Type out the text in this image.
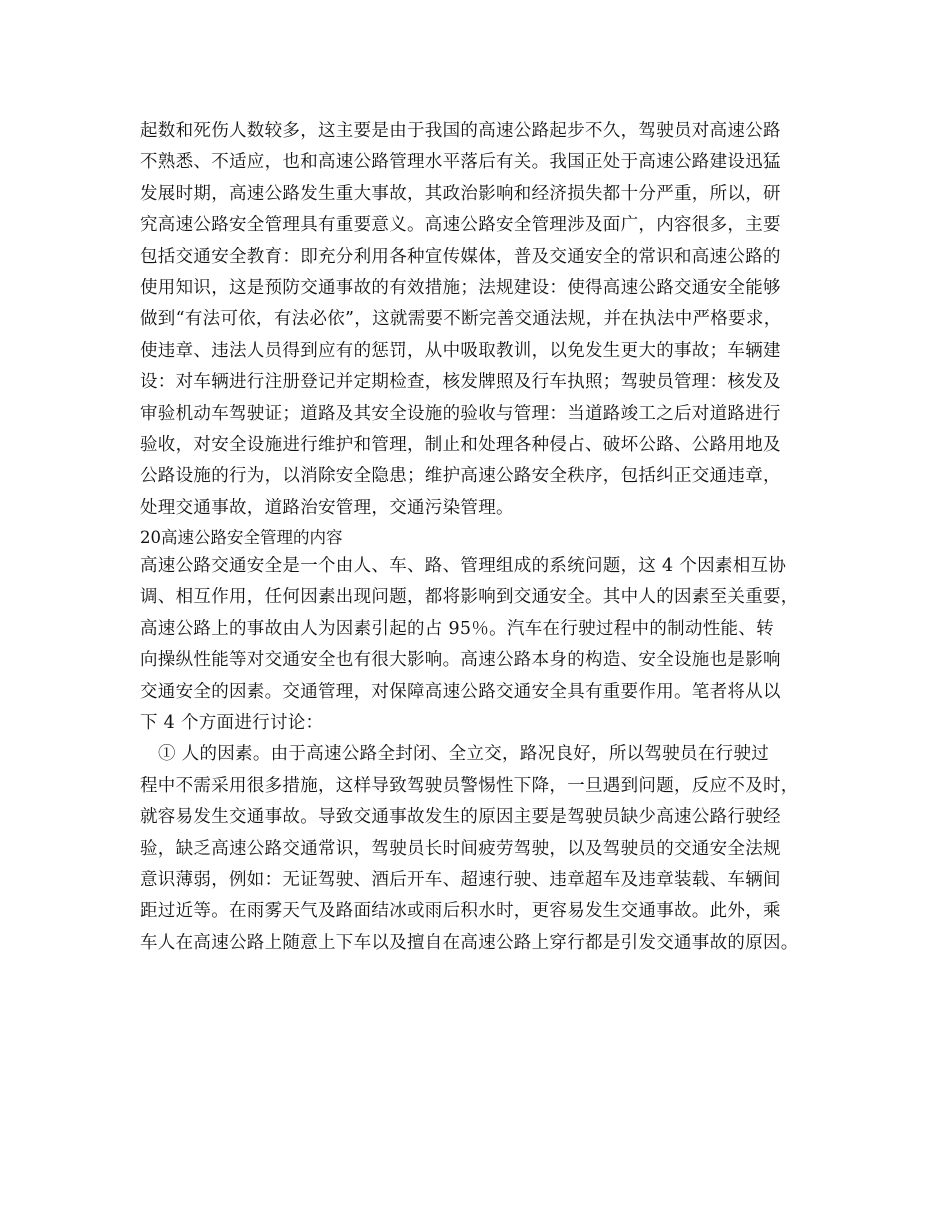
起数和死伤人数较多，这主要是由于我国的高速公路起步不久，驾驶员对高速公路
不熟悉、不适应，也和高速公路管理水平落后有关。我国正处于高速公路建设迅猛
发展时期，高速公路发生重大事故，其政治影响和经济损失都十分严重，所以，研
究高速公路安全管理具有重要意义。高速公路安全管理涉及面广，内容很多，主要
包括交通安全教育：即充分利用各种宣传媒体，普及交通安全的常识和高速公路的
使用知识，这是预防交通事故的有效措施；法规建设：使得高速公路交通安全能够
做到“有法可依，有法必依”，这就需要不断完善交通法规，并在执法中严格要求，
使违章、违法人员得到应有的惩罚，从中吸取教训，以免发生更大的事故；车辆建
设：对车辆进行注册登记并定期检查，核发牌照及行车执照；驾驶员管理：核发及
审验机动车驾驶证；道路及其安全设施的验收与管理：当道路竣工之后对道路进行
验收，对安全设施进行维护和管理，制止和处理各种侵占、破坏公路、公路用地及
公路设施的行为，以消除安全隐患；维护高速公路安全秩序，包括纠正交通违章，
处理交通事故，道路治安管理，交通污染管理。
20高速公路安全管理的内容
高速公路交通安全是一个由人、车、路、管理组成的系统问题，这 4 个因素相互协
调、相互作用，任何因素出现问题，都将影响到交通安全。其中人的因素至关重要，
高速公路上的事故由人为因素引起的占 95％。汽车在行驶过程中的制动性能、转
向操纵性能等对交通安全也有很大影响。高速公路本身的构造、安全设施也是影响
交通安全的因素。交通管理，对保障高速公路交通安全具有重要作用。笔者将从以
下 4 个方面进行讨论：
① 人的因素。由于高速公路全封闭、全立交，路况良好，所以驾驶员在行驶过
程中不需采用很多措施，这样导致驾驶员警惕性下降，一旦遇到问题，反应不及时，
就容易发生交通事故。导致交通事故发生的原因主要是驾驶员缺少高速公路行驶经
验，缺乏高速公路交通常识，驾驶员长时间疲劳驾驶，以及驾驶员的交通安全法规
意识薄弱，例如：无证驾驶、酒后开车、超速行驶、违章超车及违章装载、车辆间
距过近等。在雨雾天气及路面结冰或雨后积水时，更容易发生交通事故。此外，乘
车人在高速公路上随意上下车以及擅自在高速公路上穿行都是引发交通事故的原因。
